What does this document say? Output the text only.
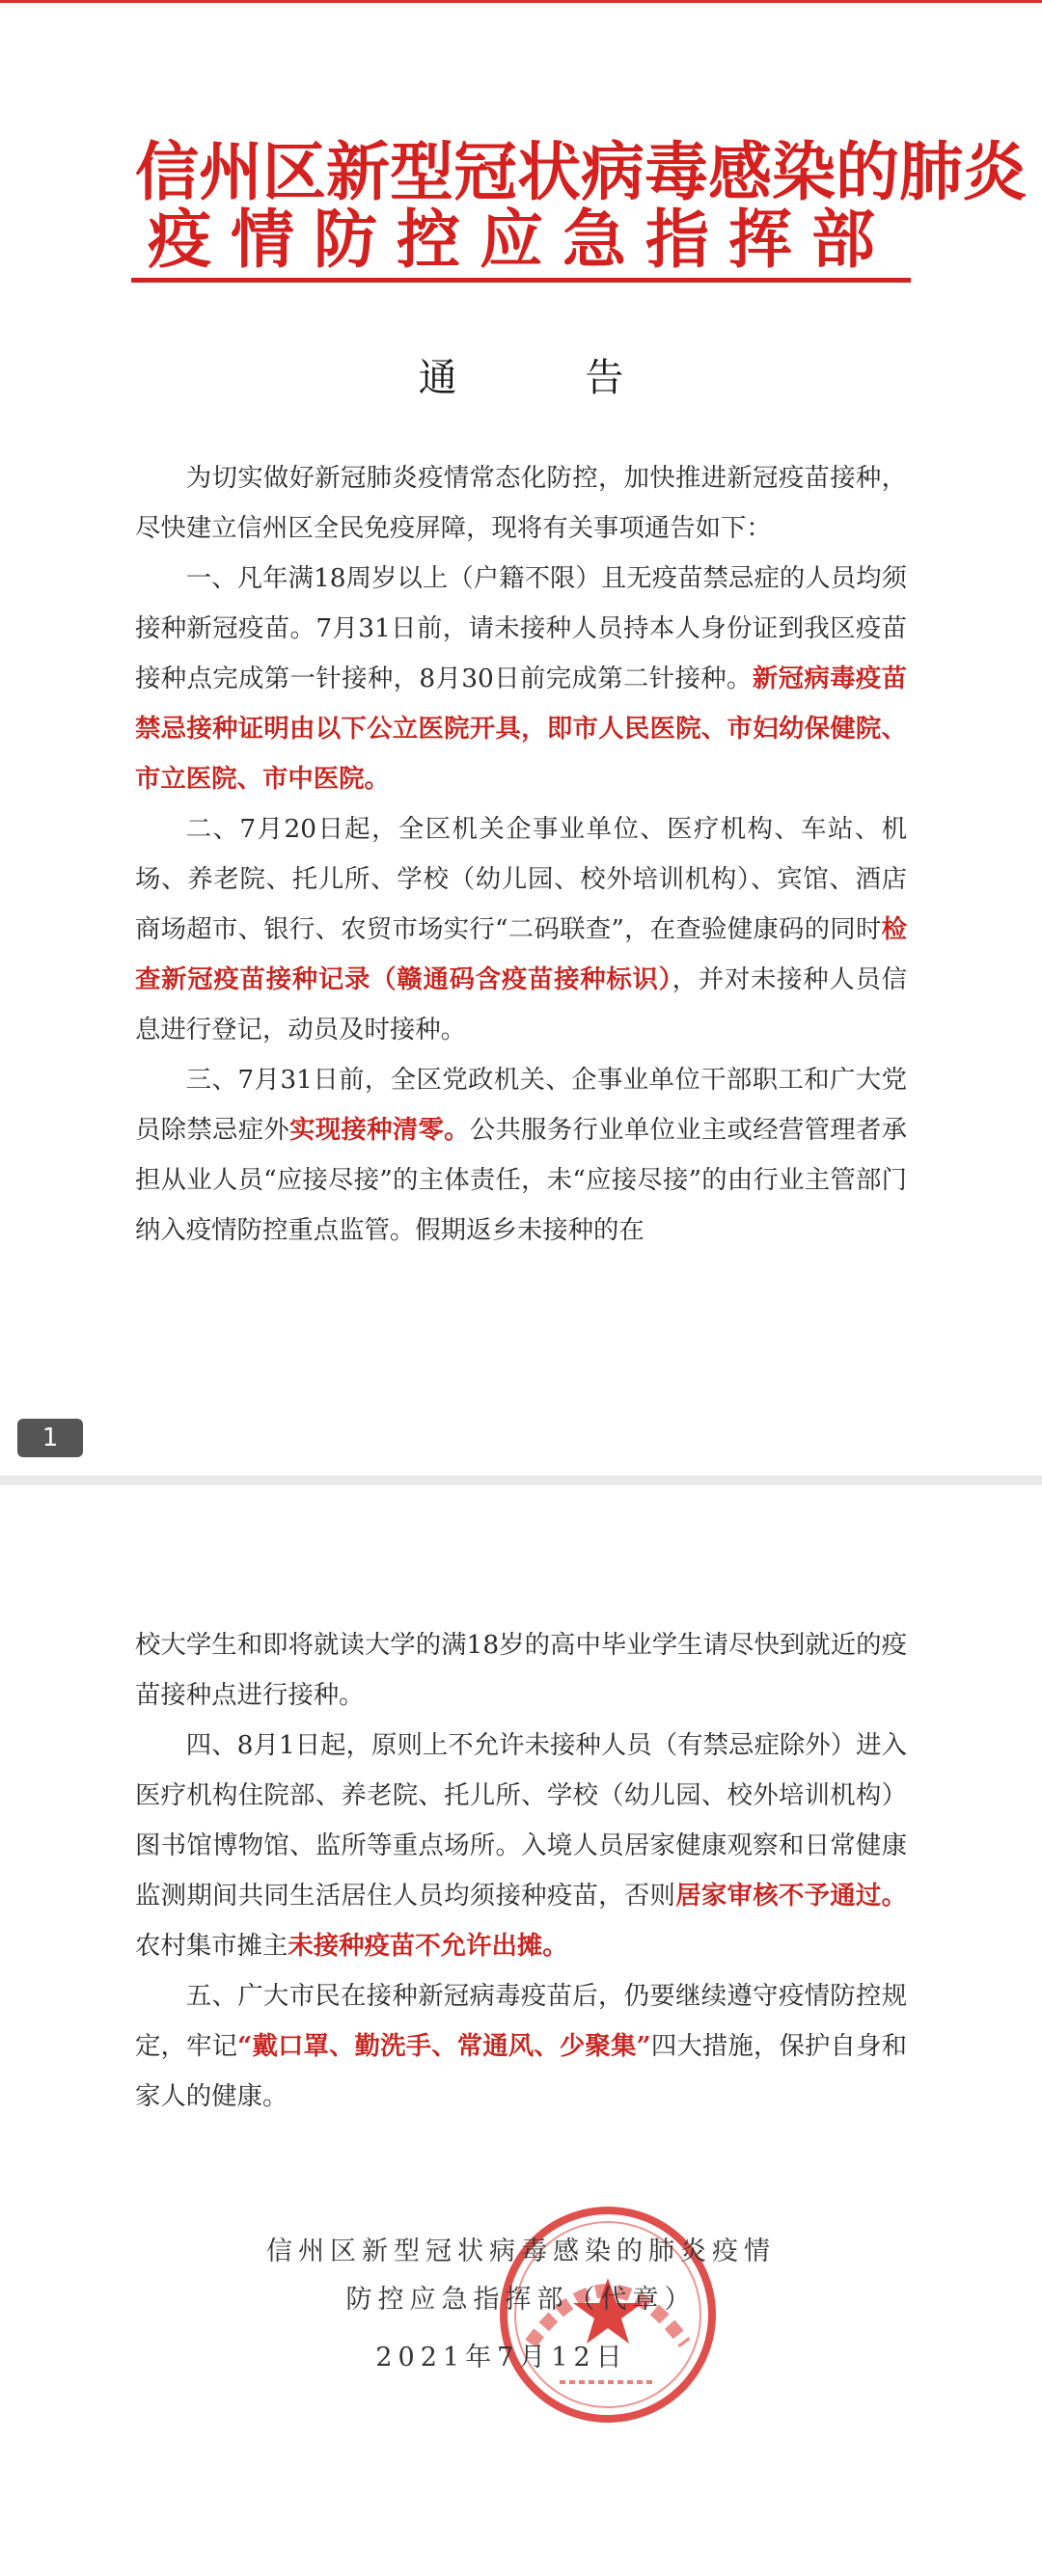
信州区新型冠状病毒感染的肺炎
疫情防控应急指挥部
通 告

为切实做好新冠肺炎疫情常态化防控，加快推进新冠疫苗接种，尽快建立信州区全民免疫屏障，现将有关事项通告如下：

一、凡年满18周岁以上（户籍不限）且无疫苗禁忌症的人员均须接种新冠疫苗。7月31日前，请未接种人员持本人身份证到我区疫苗接种点完成第一针接种，8月30日前完成第二针接种。新冠病毒疫苗禁忌接种证明由以下公立医院开具，即市人民医院、市妇幼保健院、市立医院、市中医院。

二、7月20日起，全区机关企事业单位、医疗机构、车站、机场、养老院、托儿所、学校（幼儿园、校外培训机构）、宾馆、酒店商场超市、银行、农贸市场实行“二码联查”，在查验健康码的同时检查新冠疫苗接种记录（赣通码含疫苗接种标识），并对未接种人员信息进行登记，动员及时接种。

三、7月31日前，全区党政机关、企事业单位干部职工和广大党员除禁忌症外实现接种清零。公共服务行业单位业主或经营管理者承担从业人员“应接尽接”的主体责任，未“应接尽接”的由行业主管部门纳入疫情防控重点监管。假期返乡未接种的在

1

校大学生和即将就读大学的满18岁的高中毕业学生请尽快到就近的疫苗接种点进行接种。

四、8月1日起，原则上不允许未接种人员（有禁忌症除外）进入医疗机构住院部、养老院、托儿所、学校（幼儿园、校外培训机构）图书馆博物馆、监所等重点场所。入境人员居家健康观察和日常健康监测期间共同生活居住人员均须接种疫苗，否则居家审核不予通过。农村集市摊主未接种疫苗不允许出摊。

五、广大市民在接种新冠病毒疫苗后，仍要继续遵守疫情防控规定，牢记“戴口罩、勤洗手、常通风、少聚集”四大措施，保护自身和家人的健康。

信州区新型冠状病毒感染的肺炎疫情
防控应急指挥部（代章）
2021年7月12日
